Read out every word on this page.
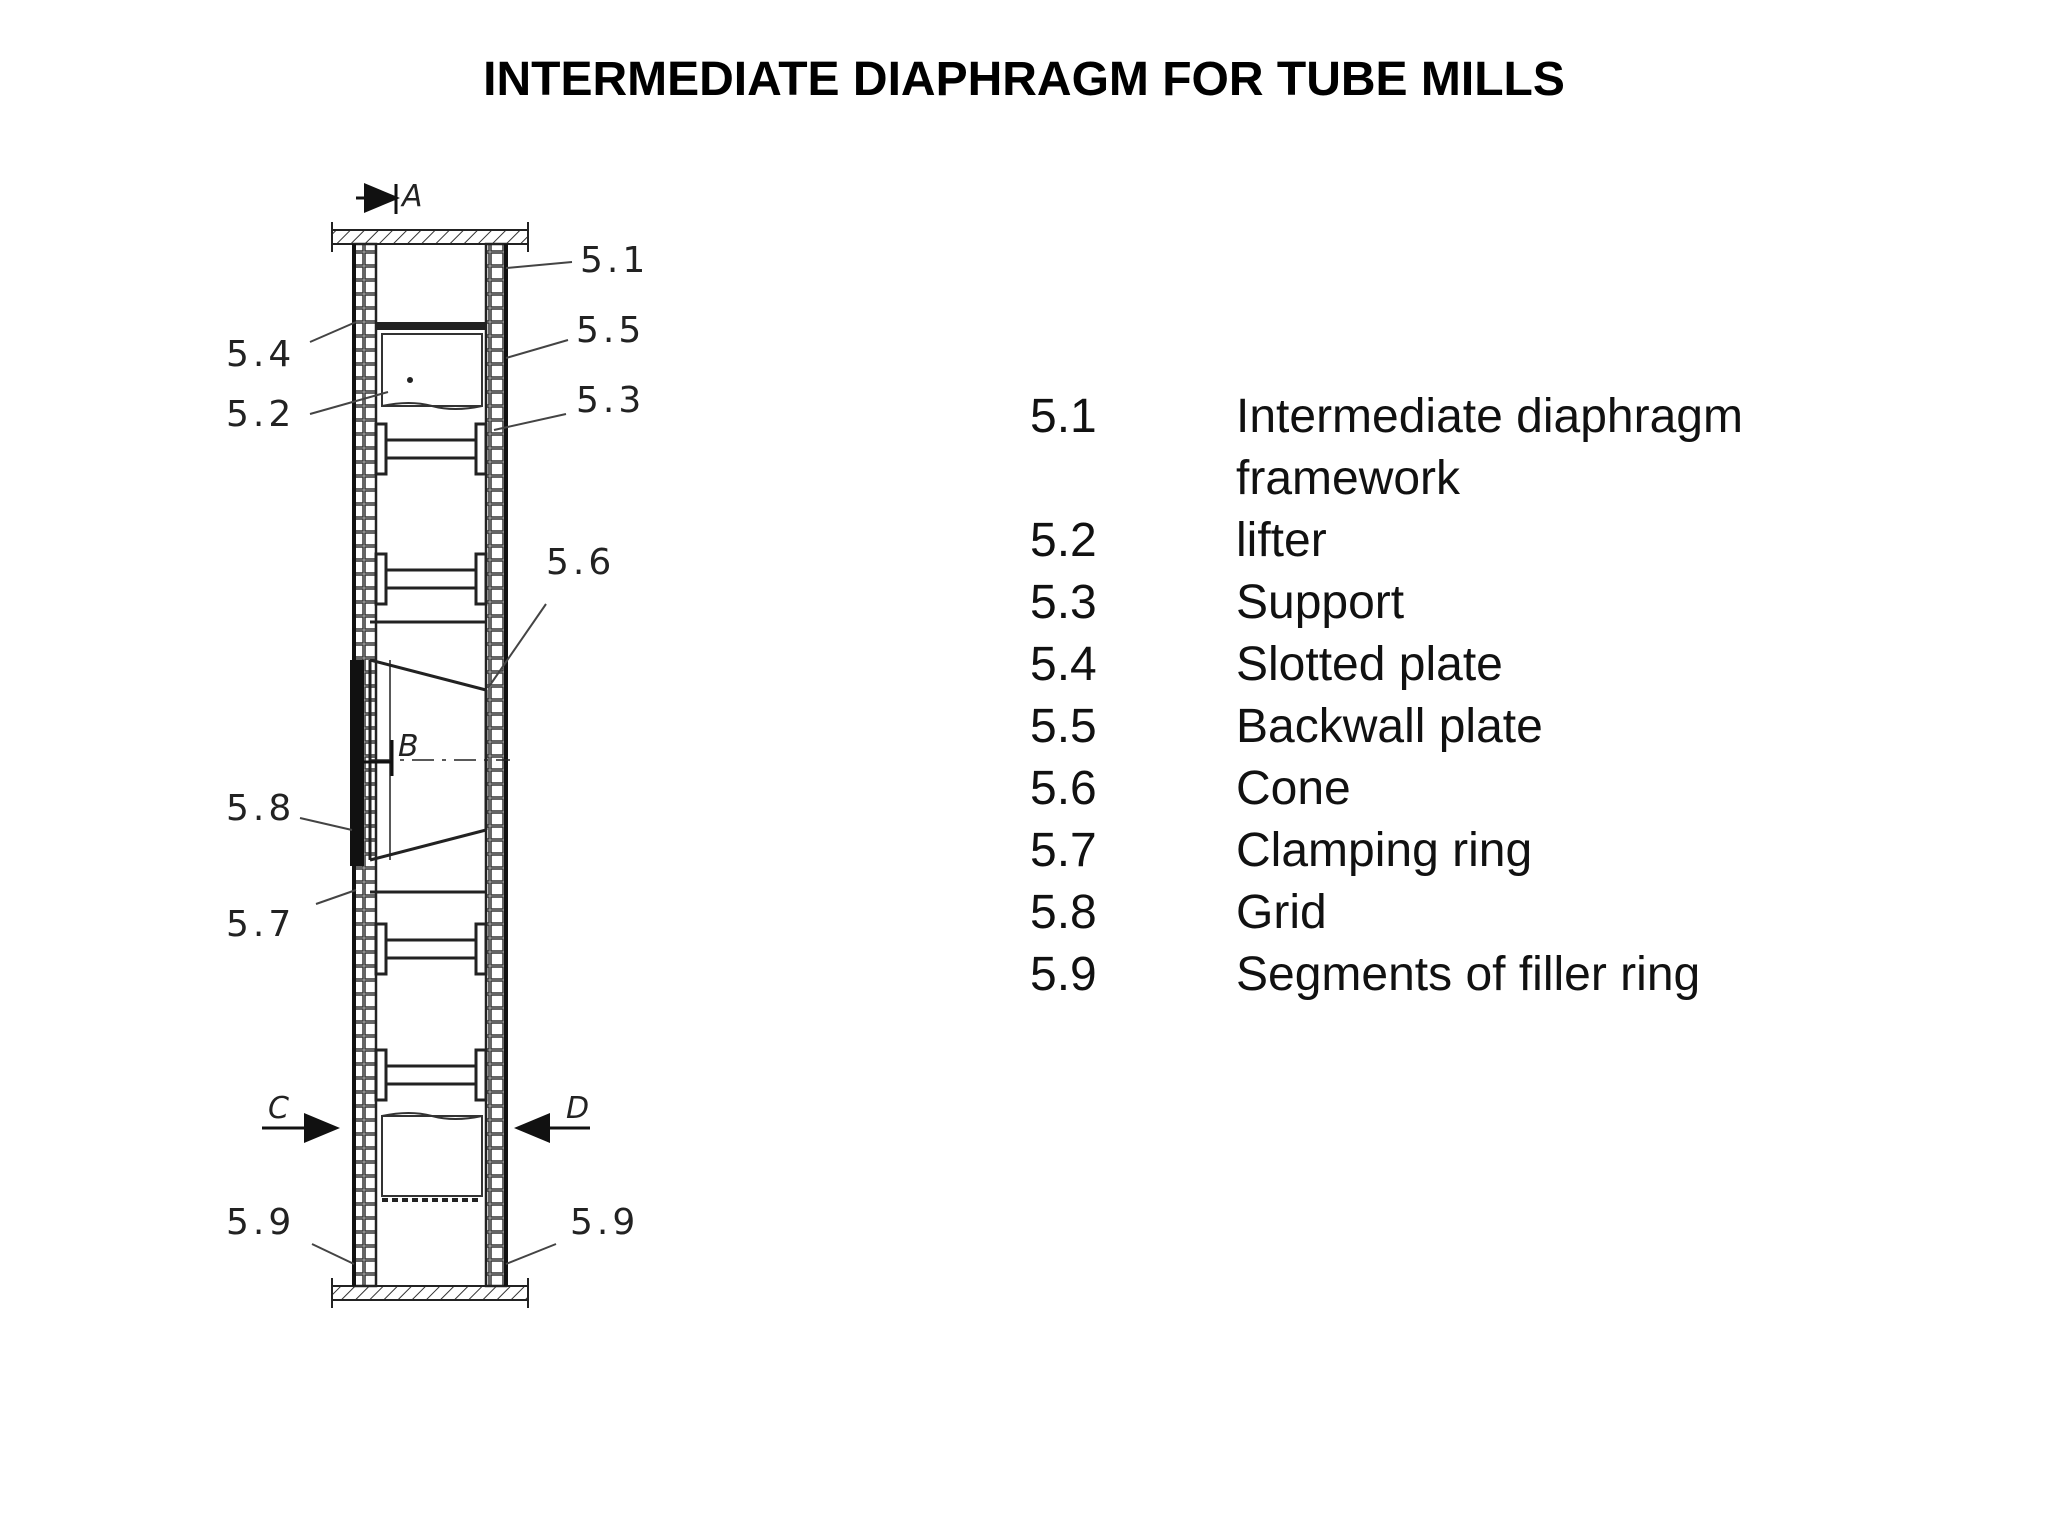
INTERMEDIATE DIAPHRAGM FOR TUBE MILLS
A
B
C	D
5.1
5.5
5.4
5.2	5.3
5.6
5.8
5.7
5.9	5.9
5.1	Intermediate diaphragm framework
5.2	lifter
5.3	Support
5.4	Slotted plate
5.5	Backwall plate
5.6	Cone
5.7	Clamping ring
5.8	Grid
5.9	Segments of filler ring
